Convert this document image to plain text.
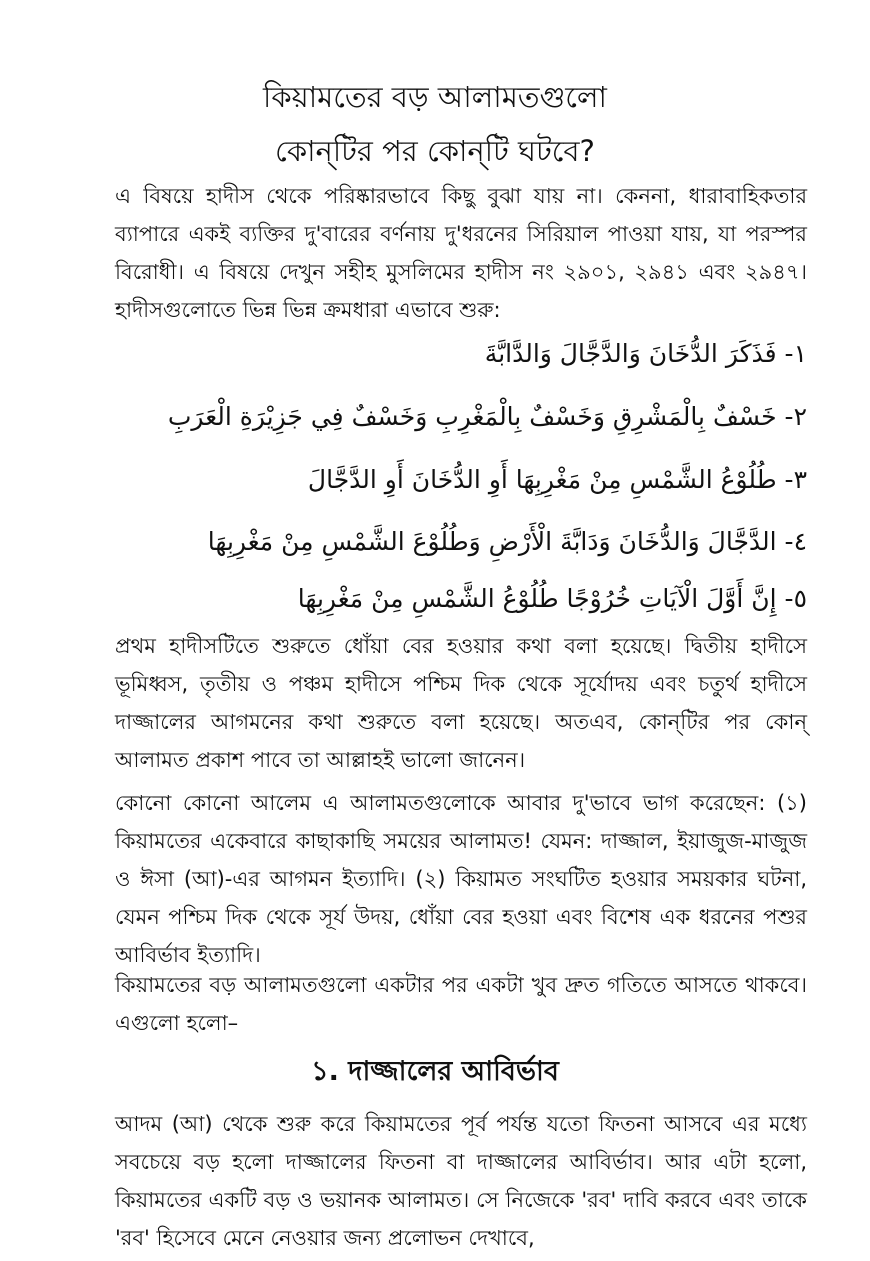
কিয়ামতের বড় আলামতগুলো
কোন্‌টির পর কোন্‌টি ঘটবে?

এ বিষয়ে হাদীস থেকে পরিষ্কারভাবে কিছু বুঝা যায় না। কেননা, ধারাবাহিকতার ব্যাপারে একই ব্যক্তির দু'বারের বর্ণনায় দু'ধরনের সিরিয়াল পাওয়া যায়, যা পরস্পর বিরোধী। এ বিষয়ে দেখুন সহীহ মুসলিমের হাদীস নং ২৯০১, ২৯৪১ এবং ২৯৪৭। হাদীসগুলোতে ভিন্ন ভিন্ন ক্রমধারা এভাবে শুরু:

١- فَذَكَرَ الدُّخَانَ وَالدَّجَّالَ وَالدَّابَّةَ
٢- خَسْفٌ بِالْمَشْرِقِ وَخَسْفٌ بِالْمَغْرِبِ وَخَسْفٌ فِي جَزِيْرَةِ الْعَرَبِ
٣- طُلُوْعُ الشَّمْسِ مِنْ مَغْرِبِهَا أَوِ الدُّخَانَ أَوِ الدَّجَّالَ
٤- الدَّجَّالَ وَالدُّخَانَ وَدَابَّةَ الْأَرْضِ وَطُلُوْعَ الشَّمْسِ مِنْ مَغْرِبِهَا
٥- إِنَّ أَوَّلَ الْآيَاتِ خُرُوْجًا طُلُوْعُ الشَّمْسِ مِنْ مَغْرِبِهَا

প্রথম হাদীসটিতে শুরুতে ধোঁয়া বের হওয়ার কথা বলা হয়েছে। দ্বিতীয় হাদীসে ভূমিধ্বস, তৃতীয় ও পঞ্চম হাদীসে পশ্চিম দিক থেকে সূর্যোদয় এবং চতুর্থ হাদীসে দাজ্জালের আগমনের কথা শুরুতে বলা হয়েছে। অতএব, কোন্‌টির পর কোন্‌ আলামত প্রকাশ পাবে তা আল্লাহই ভালো জানেন।

কোনো কোনো আলেম এ আলামতগুলোকে আবার দু'ভাবে ভাগ করেছেন: (১) কিয়ামতের একেবারে কাছাকাছি সময়ের আলামত! যেমন: দাজ্জাল, ইয়াজুজ-মাজুজ ও ঈসা (আ)-এর আগমন ইত্যাদি। (২) কিয়ামত সংঘটিত হওয়ার সময়কার ঘটনা, যেমন পশ্চিম দিক থেকে সূর্য উদয়, ধোঁয়া বের হওয়া এবং বিশেষ এক ধরনের পশুর আবির্ভাব ইত্যাদি।

কিয়ামতের বড় আলামতগুলো একটার পর একটা খুব দ্রুত গতিতে আসতে থাকবে। এগুলো হলো–

১. দাজ্জালের আবির্ভাব

আদম (আ) থেকে শুরু করে কিয়ামতের পূর্ব পর্যন্ত যতো ফিতনা আসবে এর মধ্যে সবচেয়ে বড় হলো দাজ্জালের ফিতনা বা দাজ্জালের আবির্ভাব। আর এটা হলো, কিয়ামতের একটি বড় ও ভয়ানক আলামত। সে নিজেকে 'রব' দাবি করবে এবং তাকে 'রব' হিসেবে মেনে নেওয়ার জন্য প্রলোভন দেখাবে,
